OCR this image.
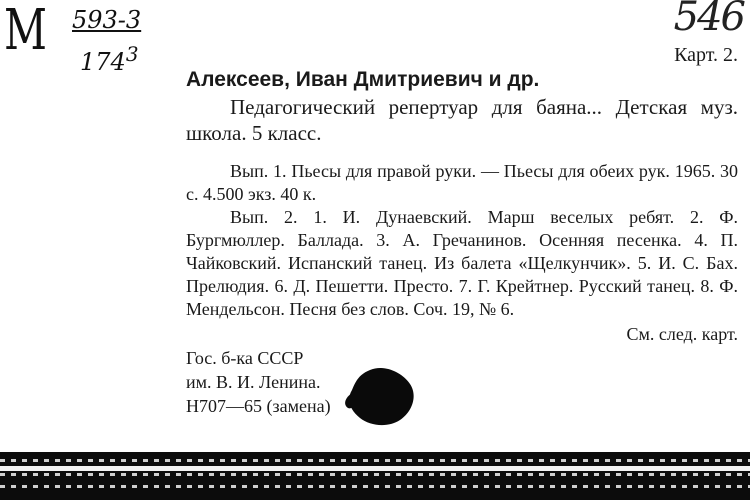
М 593-3
$174^3$
546
Карт. 2.
Алексеев, Иван Дмитриевич и др.
Педагогический репертуар для баяна... Детская муз. школа. 5 класс.
Вып. 1. Пьесы для правой руки. — Пьесы для обеих рук. 1965. 30 с. 4.500 экз. 40 к.
Вып. 2. 1. И. Дунаевский. Марш веселых ребят. 2. Ф. Бургмюллер. Баллада. 3. А. Гречанинов. Осенняя песенка. 4. П. Чайковский. Испанский танец. Из балета «Щелкунчик». 5. И. С. Бах. Прелюдия. 6. Д. Пешетти. Престо. 7. Г. Крейтнер. Русский танец. 8. Ф. Мендельсон. Песня без слов. Соч. 19, № 6.
См. след. карт.
Гос. б-ка СССР
им. В. И. Ленина.
Н707—65 (замена)
